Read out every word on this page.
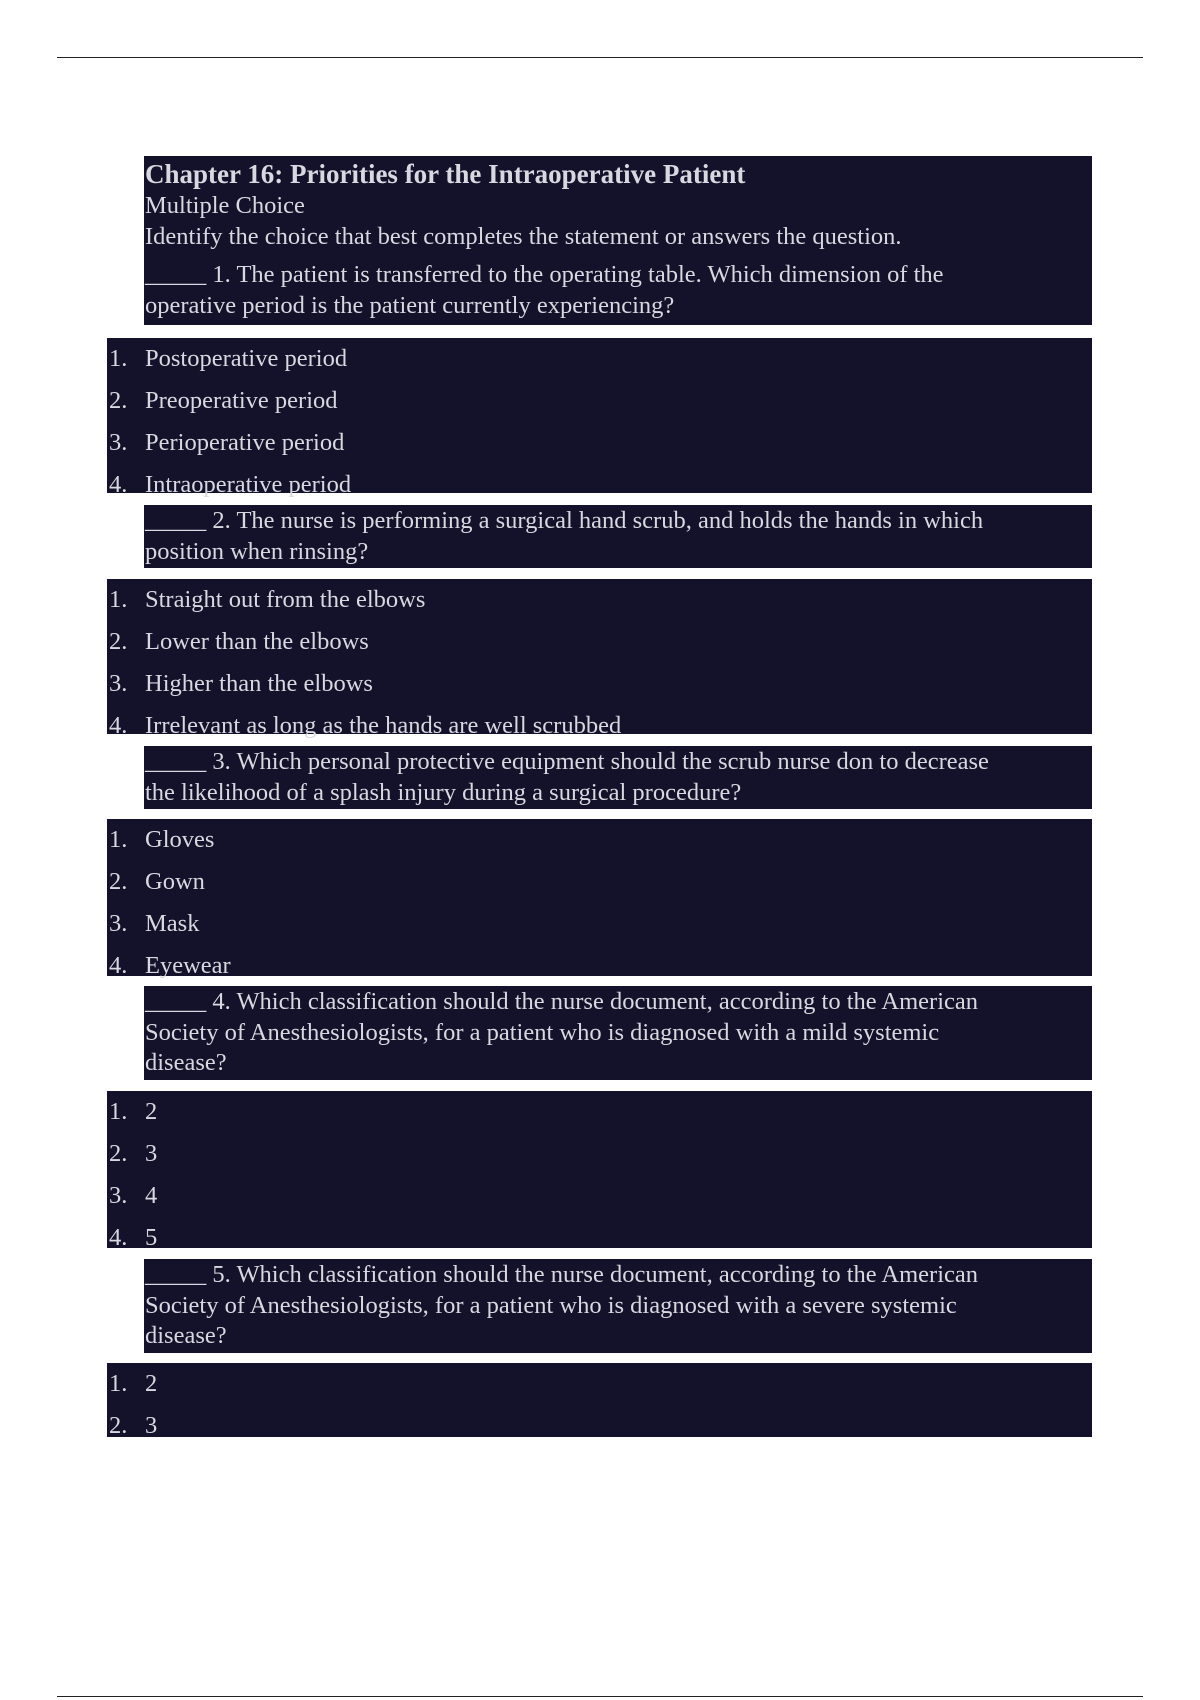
Chapter 16: Priorities for the Intraoperative Patient
Multiple Choice
Identify the choice that best completes the statement or answers the question.
_____ 1. The patient is transferred to the operating table. Which dimension of the
operative period is the patient currently experiencing?
1. Postoperative period
2. Preoperative period
3. Perioperative period
4. Intraoperative period
_____ 2. The nurse is performing a surgical hand scrub, and holds the hands in which
position when rinsing?
1. Straight out from the elbows
2. Lower than the elbows
3. Higher than the elbows
4. Irrelevant as long as the hands are well scrubbed
_____ 3. Which personal protective equipment should the scrub nurse don to decrease
the likelihood of a splash injury during a surgical procedure?
1. Gloves
2. Gown
3. Mask
4. Eyewear
_____ 4. Which classification should the nurse document, according to the American
Society of Anesthesiologists, for a patient who is diagnosed with a mild systemic
disease?
1. 2
2. 3
3. 4
4. 5
_____ 5. Which classification should the nurse document, according to the American
Society of Anesthesiologists, for a patient who is diagnosed with a severe systemic
disease?
1. 2
2. 3
